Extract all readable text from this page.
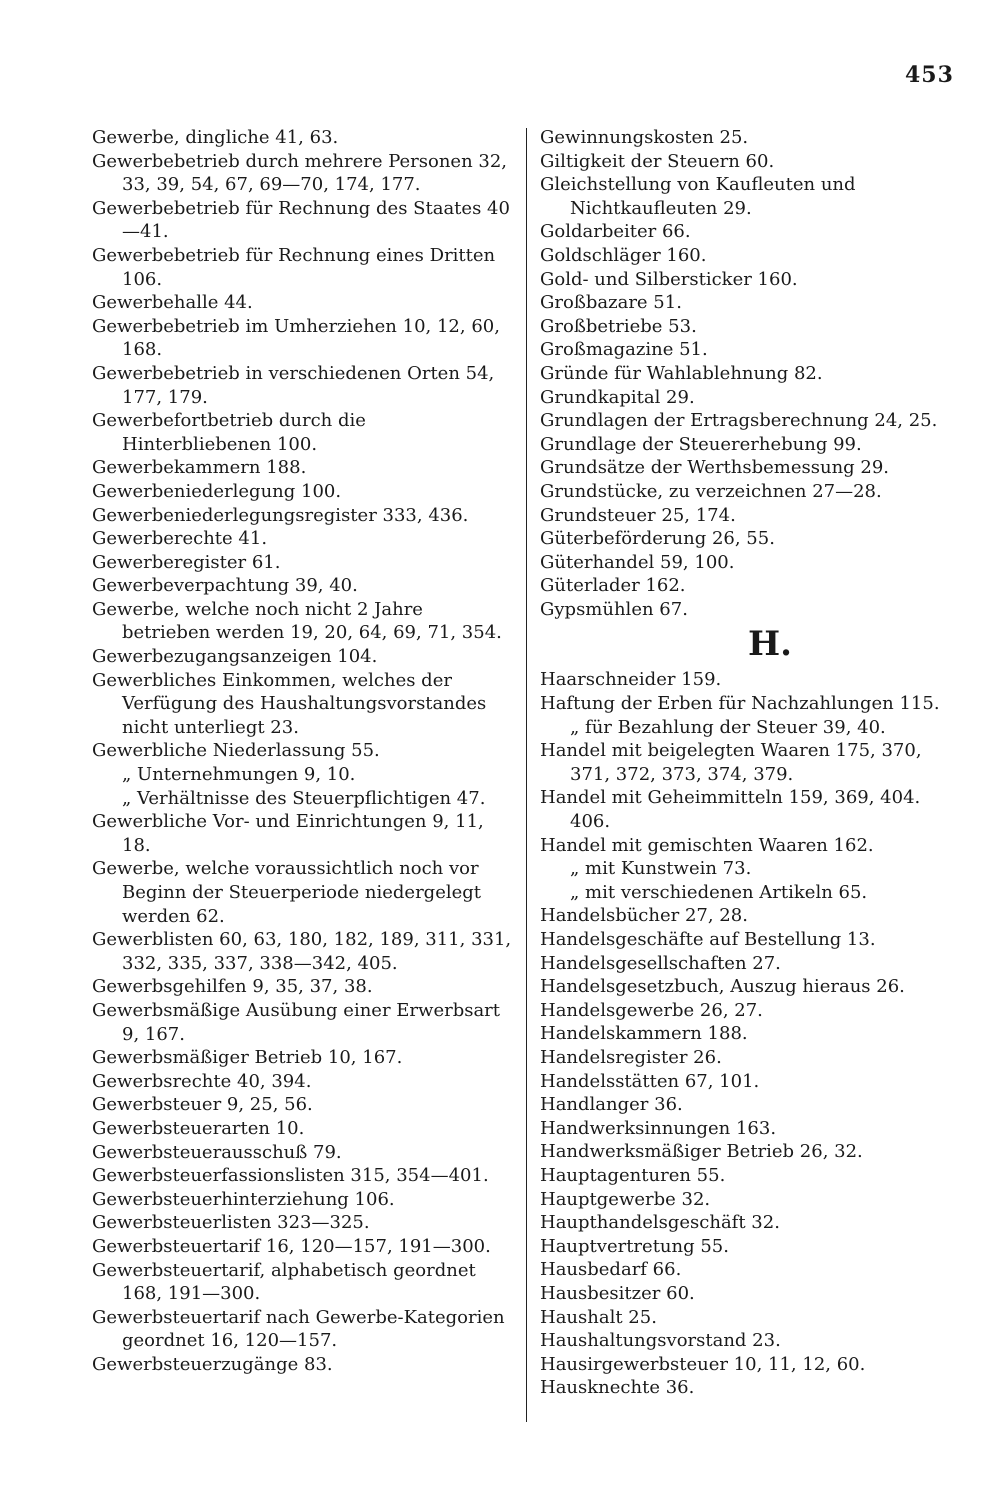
453
Gewerbe, dingliche 41, 63.
Gewerbebetrieb durch mehrere Personen 32, 33, 39, 54, 67, 69—70, 174, 177.
Gewerbebetrieb für Rechnung des Staates 40—41.
Gewerbebetrieb für Rechnung eines Dritten 106.
Gewerbehalle 44.
Gewerbebetrieb im Umherziehen 10, 12, 60, 168.
Gewerbebetrieb in verschiedenen Orten 54, 177, 179.
Gewerbefortbetrieb durch die Hinterbliebenen 100.
Gewerbekammern 188.
Gewerbeniederlegung 100.
Gewerbeniederlegungsregister 333, 436.
Gewerberechte 41.
Gewerberegister 61.
Gewerbeverpachtung 39, 40.
Gewerbe, welche noch nicht 2 Jahre betrieben werden 19, 20, 64, 69, 71, 354.
Gewerbezugangsanzeigen 104.
Gewerbliches Einkommen, welches der Verfügung des Haushaltungsvorstandes nicht unterliegt 23.
Gewerbliche Niederlassung 55.
„ Unternehmungen 9, 10.
„ Verhältnisse des Steuerpflichtigen 47.
Gewerbliche Vor- und Einrichtungen 9, 11, 18.
Gewerbe, welche voraussichtlich noch vor Beginn der Steuerperiode niedergelegt werden 62.
Gewerblisten 60, 63, 180, 182, 189, 311, 331, 332, 335, 337, 338—342, 405.
Gewerbsgehilfen 9, 35, 37, 38.
Gewerbsmäßige Ausübung einer Erwerbsart 9, 167.
Gewerbsmäßiger Betrieb 10, 167.
Gewerbsrechte 40, 394.
Gewerbsteuer 9, 25, 56.
Gewerbsteuerarten 10.
Gewerbsteuerausschuß 79.
Gewerbsteuerfassionslisten 315, 354—401.
Gewerbsteuerhinterziehung 106.
Gewerbsteuerlisten 323—325.
Gewerbsteuertarif 16, 120—157, 191—300.
Gewerbsteuertarif, alphabetisch geordnet 168, 191—300.
Gewerbsteuertarif nach Gewerbe-Kategorien geordnet 16, 120—157.
Gewerbsteuerzugänge 83.
Gewinnungskosten 25.
Giltigkeit der Steuern 60.
Gleichstellung von Kaufleuten und Nichtkaufleuten 29.
Goldarbeiter 66.
Goldschläger 160.
Gold- und Silbersticker 160.
Großbazare 51.
Großbetriebe 53.
Großmagazine 51.
Gründe für Wahlablehnung 82.
Grundkapital 29.
Grundlagen der Ertragsberechnung 24, 25.
Grundlage der Steuererhebung 99.
Grundsätze der Werthsbemessung 29.
Grundstücke, zu verzeichnen 27—28.
Grundsteuer 25, 174.
Güterbeförderung 26, 55.
Güterhandel 59, 100.
Güterlader 162.
Gypsmühlen 67.
H.
Haarschneider 159.
Haftung der Erben für Nachzahlungen 115.
„ für Bezahlung der Steuer 39, 40.
Handel mit beigelegten Waaren 175, 370, 371, 372, 373, 374, 379.
Handel mit Geheimmitteln 159, 369, 404. 406.
Handel mit gemischten Waaren 162.
„ mit Kunstwein 73.
„ mit verschiedenen Artikeln 65.
Handelsbücher 27, 28.
Handelsgeschäfte auf Bestellung 13.
Handelsgesellschaften 27.
Handelsgesetzbuch, Auszug hieraus 26.
Handelsgewerbe 26, 27.
Handelskammern 188.
Handelsregister 26.
Handelsstätten 67, 101.
Handlanger 36.
Handwerksinnungen 163.
Handwerksmäßiger Betrieb 26, 32.
Hauptagenturen 55.
Hauptgewerbe 32.
Haupthandelsgeschäft 32.
Hauptvertretung 55.
Hausbedarf 66.
Hausbesitzer 60.
Haushalt 25.
Haushaltungsvorstand 23.
Hausirgewerbsteuer 10, 11, 12, 60.
Hausknechte 36.
